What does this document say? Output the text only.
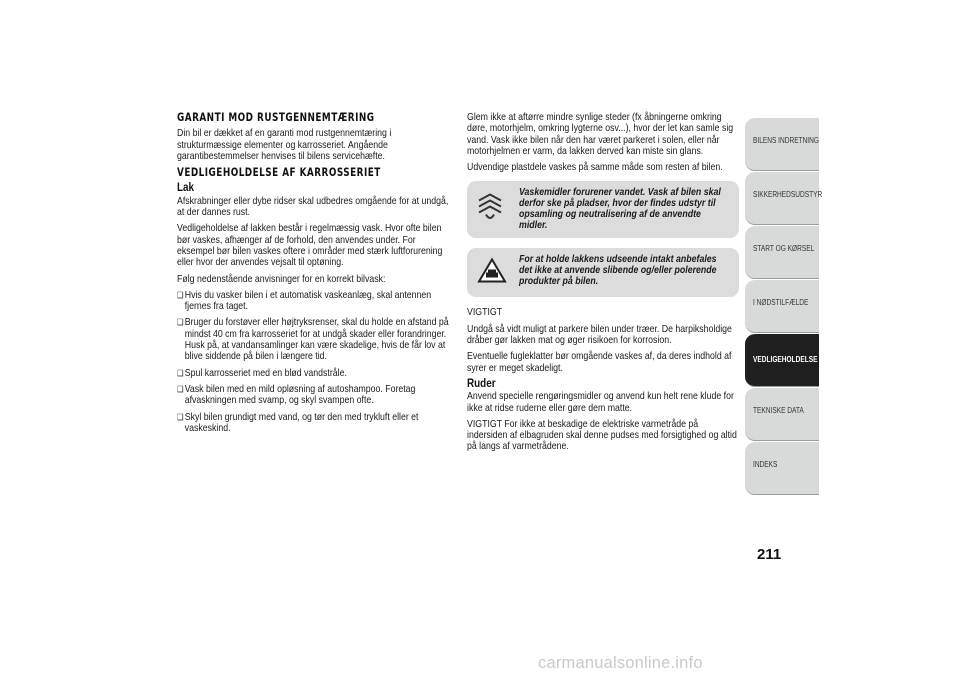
GARANTI MOD RUSTGENNEMTÆRING

Din bil er dækket af en garanti mod rustgennemtæring i strukturmæssige elementer og karrosseriet. Angående garantibestemmelser henvises til bilens servicehæfte.

VEDLIGEHOLDELSE AF KARROSSERIET
Lak

Afskrabninger eller dybe ridser skal udbedres omgående for at undgå, at der dannes rust.

Vedligeholdelse af lakken består i regelmæssig vask. Hvor ofte bilen bør vaskes, afhænger af de forhold, den anvendes under. For eksempel bør bilen vaskes oftere i områder med stærk luftforurening eller hvor der anvendes vejsalt til optøning.

Følg nedenstående anvisninger for en korrekt bilvask:

❑ Hvis du vasker bilen i et automatisk vaskeanlæg, skal antennen fjernes fra taget.
❑ Bruger du forstøver eller højtryksrenser, skal du holde en afstand på mindst 40 cm fra karrosseriet for at undgå skader eller forandringer. Husk på, at vandansamlinger kan være skadelige, hvis de får lov at blive siddende på bilen i længere tid.
❑ Spul karrosseriet med en blød vandstråle.
❑ Vask bilen med en mild opløsning af autoshampoo. Foretag afvaskningen med svamp, og skyl svampen ofte.
❑ Skyl bilen grundigt med vand, og tør den med trykluft eller et vaskeskind.

Glem ikke at aftørre mindre synlige steder (fx åbningerne omkring døre, motorhjelm, omkring lygterne osv...), hvor der let kan samle sig vand. Vask ikke bilen når den har været parkeret i solen, eller når motorhjelmen er varm, da lakken derved kan miste sin glans.

Udvendige plastdele vaskes på samme måde som resten af bilen.

Vaskemidler forurener vandet. Vask af bilen skal derfor ske på pladser, hvor der findes udstyr til opsamling og neutralisering af de anvendte midler.
For at holde lakkens udseende intakt anbefales det ikke at anvende slibende og/eller polerende produkter på bilen.

VIGTIGT

Undgå så vidt muligt at parkere bilen under træer. De harpiksholdige dråber gør lakken mat og øger risikoen for korrosion.

Eventuelle fugleklatter bør omgående vaskes af, da deres indhold af syrer er meget skadeligt.

Ruder

Anvend specielle rengøringsmidler og anvend kun helt rene klude for ikke at ridse ruderne eller gøre dem matte.

VIGTIGT For ikke at beskadige de elektriske varmetråde på indersiden af elbagruden skal denne pudses med forsigtighed og altid på langs af varmetrådene.

BILENS INDRETNING
SIKKERHEDSUDSTYR
START OG KØRSEL
I NØDSTILFÆLDE
VEDLIGEHOLDELSE
TEKNISKE DATA
INDEKS
211
carmanualsonline.info
